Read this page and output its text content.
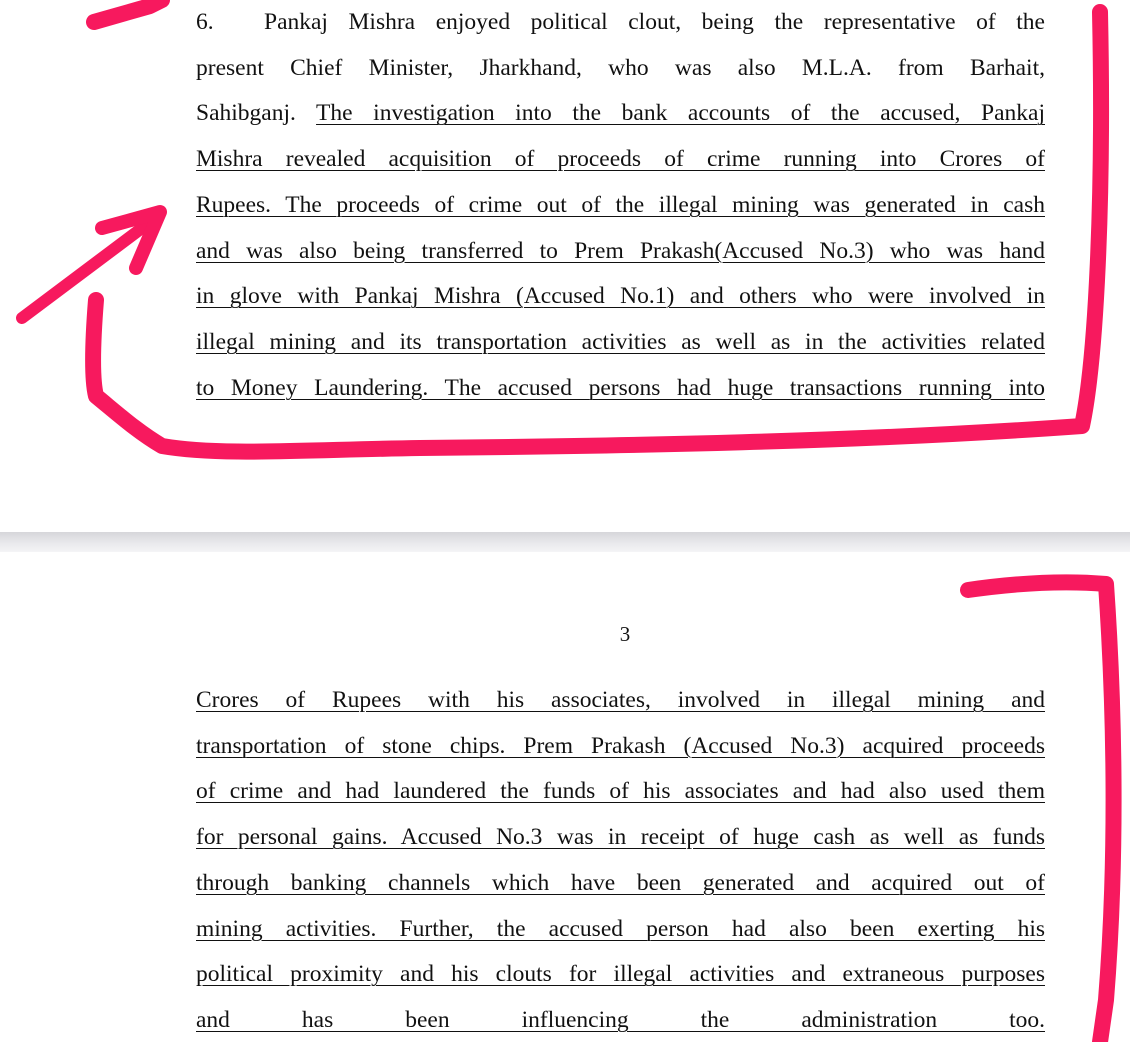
6. Pankaj Mishra enjoyed political clout, being the representative of the
present Chief Minister, Jharkhand, who was also M.L.A. from Barhait,
Sahibganj. The investigation into the bank accounts of the accused, Pankaj
Mishra revealed acquisition of proceeds of crime running into Crores of
Rupees. The proceeds of crime out of the illegal mining was generated in cash
and was also being transferred to Prem Prakash(Accused No.3) who was hand
in glove with Pankaj Mishra (Accused No.1) and others who were involved in
illegal mining and its transportation activities as well as in the activities related
to Money Laundering. The accused persons had huge transactions running into
Crores of Rupees with his associates, involved in illegal mining and
transportation of stone chips. Prem Prakash (Accused No.3) acquired proceeds
of crime and had laundered the funds of his associates and had also used them
for personal gains. Accused No.3 was in receipt of huge cash as well as funds
through banking channels which have been generated and acquired out of
mining activities. Further, the accused person had also been exerting his
political proximity and his clouts for illegal activities and extraneous purposes
and has been influencing the administration too.
3
